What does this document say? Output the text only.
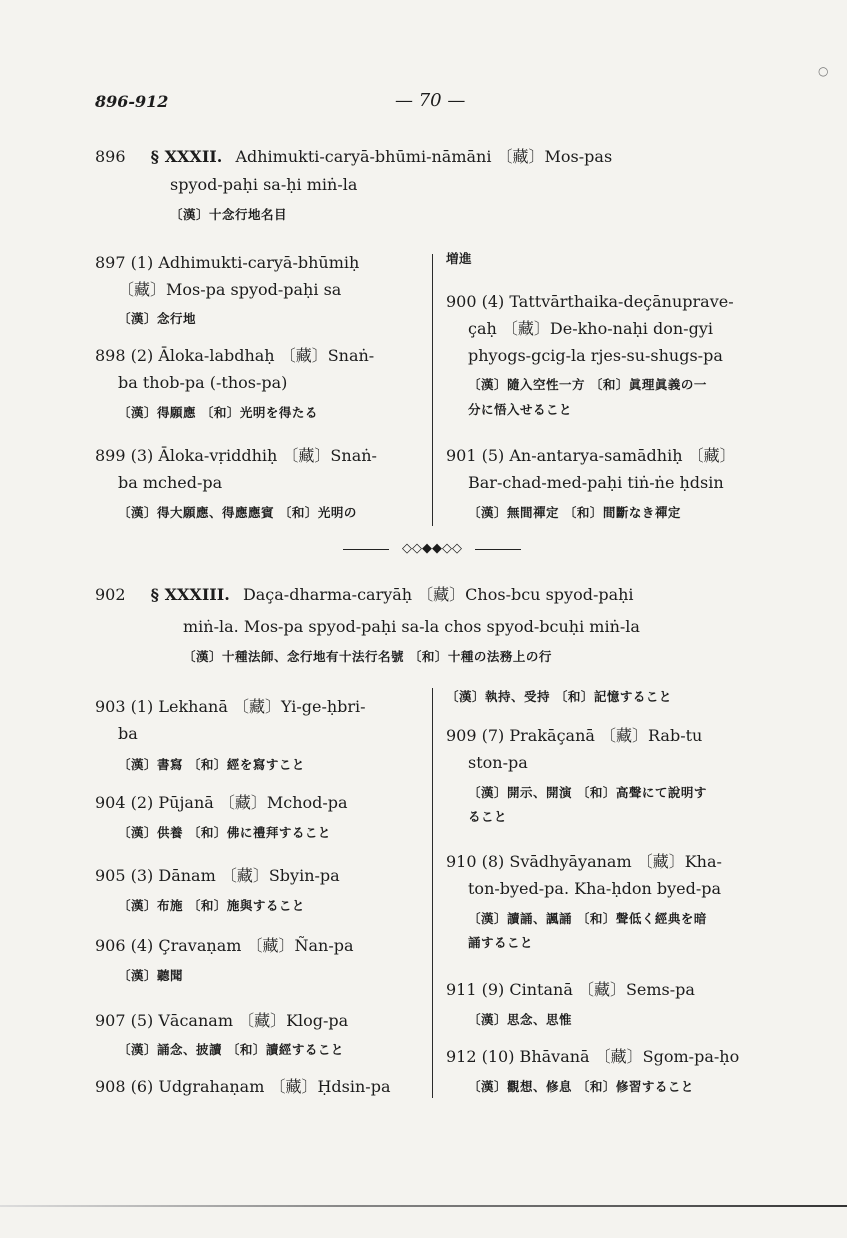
○
896-912	— 70 —
896 § XXXII. Adhimukti-caryā-bhūmi-nāmāni 〔藏〕Mos-pas
spyod-paḥi sa-ḥi miṅ-la
〔漢〕十念行地名目
897 (1) Adhimukti-caryā-bhūmiḥ
〔藏〕Mos-pa spyod-paḥi sa
〔漢〕念行地
898 (2) Āloka-labdhaḥ 〔藏〕Snaṅ-
ba thob-pa (-thos-pa)
〔漢〕得願應 〔和〕光明を得たる
899 (3) Āloka-vṛiddhiḥ 〔藏〕Snaṅ-
ba mched-pa
〔漢〕得大願應、得應應賓 〔和〕光明の
増進
900 (4) Tattvārthaika-deçānuprave-
çaḥ 〔藏〕De-kho-naḥi don-gyi
phyogs-gcig-la rjes-su-shugs-pa
〔漢〕隨入空性一方 〔和〕眞理眞義の一
分に悟入せること
901 (5) An-antarya-samādhiḥ 〔藏〕
Bar-chad-med-paḥi tiṅ-ṅe ḥdsin
〔漢〕無間禪定 〔和〕間斷なき禪定
◇◇◆◆◇◇
902 § XXXIII. Daça-dharma-caryāḥ 〔藏〕Chos-bcu spyod-paḥi
miṅ-la. Mos-pa spyod-paḥi sa-la chos spyod-bcuḥi miṅ-la
〔漢〕十種法師、念行地有十法行名號 〔和〕十種の法務上の行
903 (1) Lekhanā 〔藏〕Yi-ge-ḥbri-
ba
〔漢〕書寫 〔和〕經を寫すこと
904 (2) Pūjanā 〔藏〕Mchod-pa
〔漢〕供養 〔和〕佛に禮拜すること
905 (3) Dānam 〔藏〕Sbyin-pa
〔漢〕布施 〔和〕施與すること
906 (4) Çravaṇam 〔藏〕Ñan-pa
〔漢〕聽聞
907 (5) Vācanam 〔藏〕Klog-pa
〔漢〕誦念、披讀 〔和〕讀經すること
908 (6) Udgrahaṇam 〔藏〕Ḥdsin-pa
〔漢〕執持、受持 〔和〕記憶すること
909 (7) Prakāçanā 〔藏〕Rab-tu
ston-pa
〔漢〕開示、開演 〔和〕高聲にて說明す
ること
910 (8) Svādhyāyanam 〔藏〕Kha-
ton-byed-pa. Kha-ḥdon byed-pa
〔漢〕讀誦、諷誦 〔和〕聲低く經典を暗
誦すること
911 (9) Cintanā 〔藏〕Sems-pa
〔漢〕思念、思惟
912 (10) Bhāvanā 〔藏〕Sgom-pa-ḥo
〔漢〕觀想、修息 〔和〕修習すること
